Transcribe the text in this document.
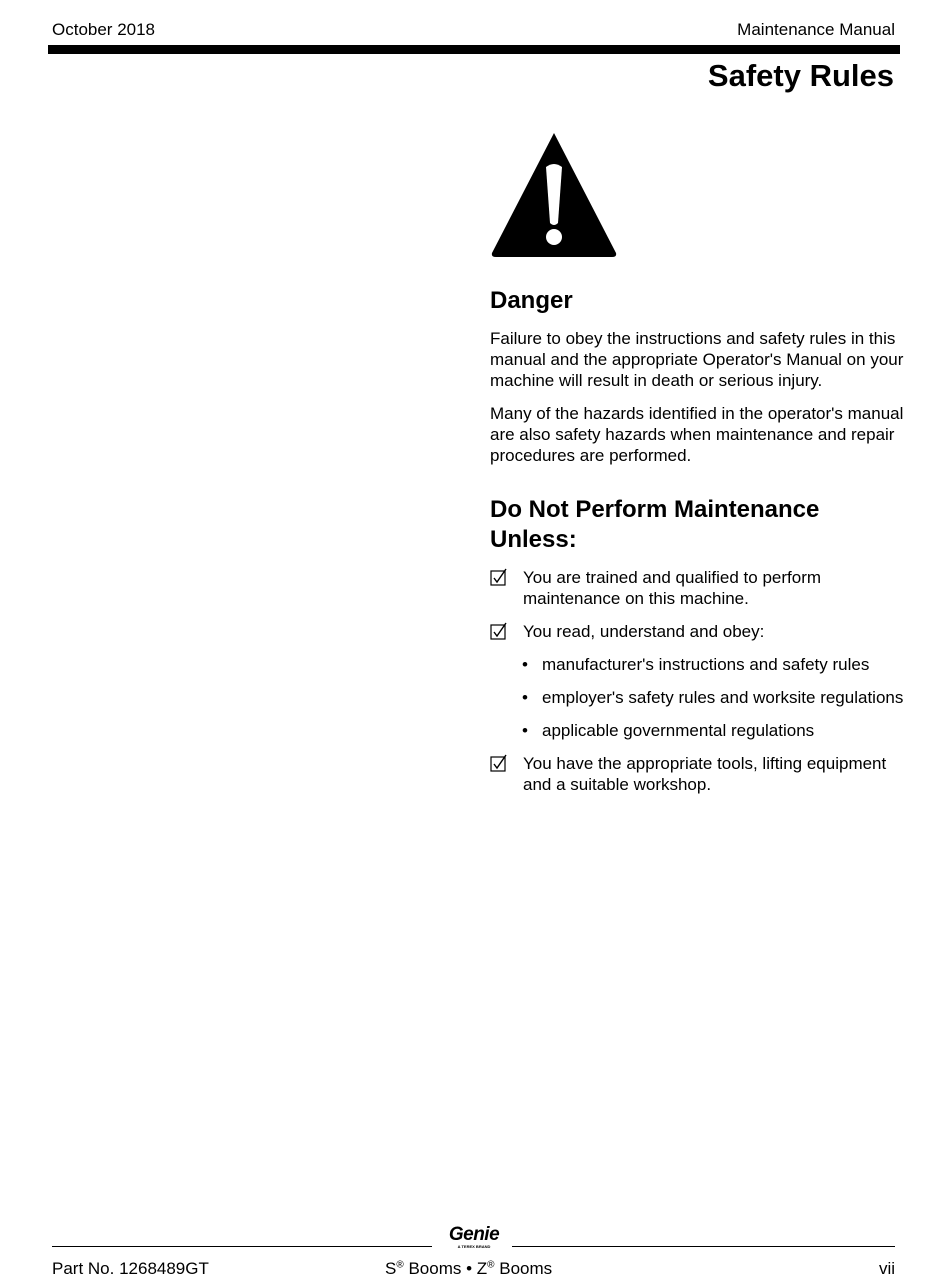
October 2018	Maintenance Manual
Safety Rules
Danger

Failure to obey the instructions and safety rules in this manual and the appropriate Operator's Manual on your machine will result in death or serious injury.

Many of the hazards identified in the operator's manual are also safety hazards when maintenance and repair procedures are performed.

Do Not Perform Maintenance Unless:
You are trained and qualified to perform maintenance on this machine.
You read, understand and obey:
• manufacturer's instructions and safety rules
• employer's safety rules and worksite regulations
• applicable governmental regulations
You have the appropriate tools, lifting equipment and a suitable workshop.
Genie
A TEREX BRAND
Part No. 1268489GT	S® Booms • Z® Booms	vii
